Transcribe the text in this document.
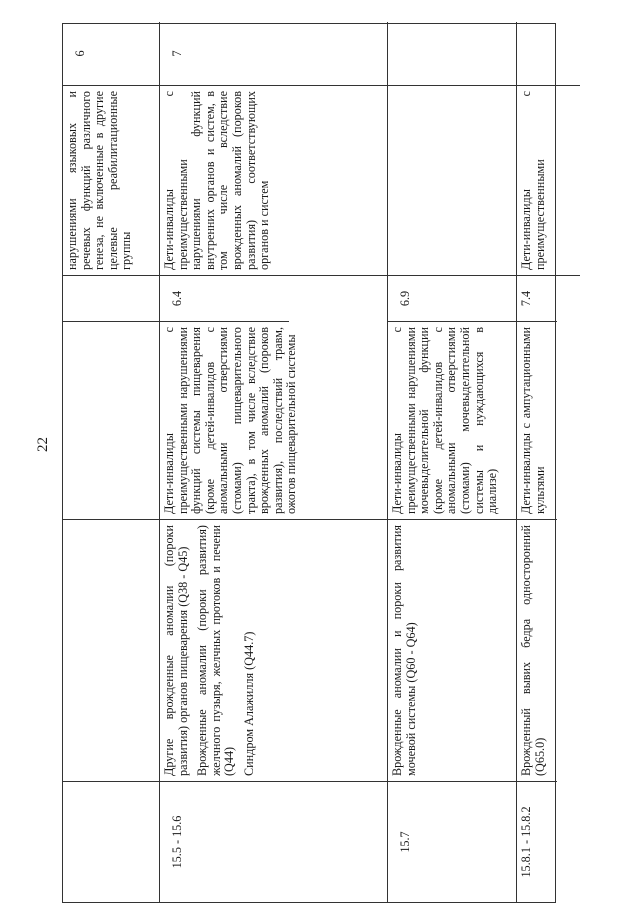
22
нарушениями языковых и речевых функций различного генеза, не включенные в другие целевые реабилитационные группы
6
15.5 - 15.6
Другие врожденные аномалии (пороки развития) органов пищеварения (Q38 - Q45) Врожденные аномалии (пороки развития) желчного пузыря, желчных протоков и печени (Q44) Синдром Алажилля (Q44.7)
Дети-инвалиды с преимущественными нарушениями функций системы пищеварения (кроме детей-инвалидов с аномальными отверстиями (стомами) пищеварительного тракта), в том числе вследствие врожденных аномалий (пороков развития), последствий травм, ожогов пищеварительной системы
6.4
Дети-инвалиды с преимущественными нарушениями функций внутренних органов и систем, в том числе вследствие врожденных аномалий (пороков развития) соответствующих органов и систем
7
15.7
Врожденные аномалии и пороки развития мочевой системы (Q60 - Q64)
Дети-инвалиды с преимущественными нарушениями мочевыделительной функции (кроме детей-инвалидов с аномальными отверстиями (стомами) мочевыделительной системы и нуждающихся в диализе)
6.9
15.8.1 - 15.8.2
Врожденный вывих бедра односторонний (Q65.0)
Дети-инвалиды с ампутационными культями
7.4
Дети-инвалиды с преимущественными
